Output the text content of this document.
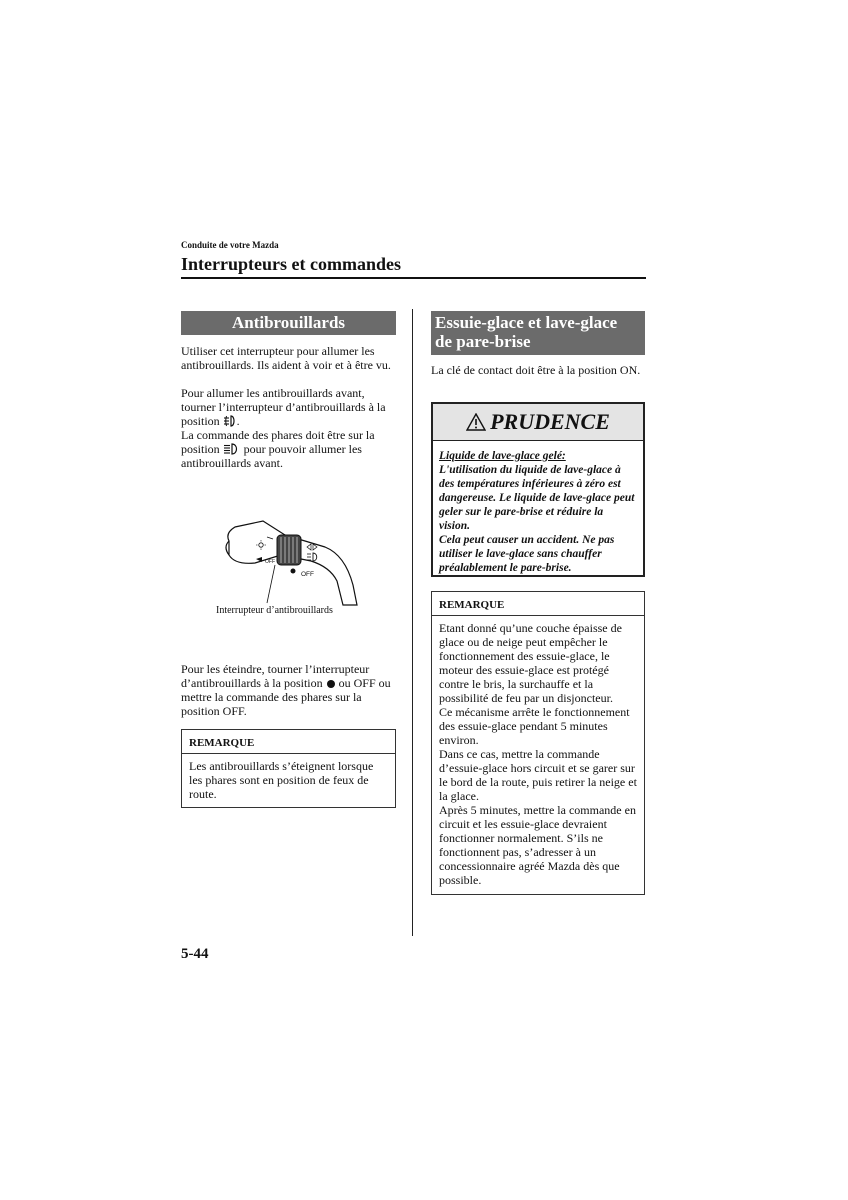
Conduite de votre Mazda
Interrupteurs et commandes
Antibrouillards

Utiliser cet interrupteur pour allumer les antibrouillards. Ils aident à voir et à être vu.

Pour allumer les antibrouillards avant, tourner l’interrupteur d’antibrouillards à la position .

La commande des phares doit être sur la position pour pouvoir allumer les antibrouillards avant.

OFF
OFF
Interrupteur d’antibrouillards

Pour les éteindre, tourner l’interrupteur d’antibrouillards à la position ou OFF ou mettre la commande des phares sur la position OFF.

REMARQUE
Les antibrouillards s’éteignent lorsque les phares sont en position de feux de route.
Essuie-glace et lave-glace
de pare-brise
La clé de contact doit être à la position ON.
PRUDENCE
Liquide de lave-glace gelé:
L'utilisation du liquide de lave-glace à des températures inférieures à zéro est dangereuse. Le liquide de lave-glace peut geler sur le pare-brise et réduire la vision.
Cela peut causer un accident. Ne pas utiliser le lave-glace sans chauffer préalablement le pare-brise.
REMARQUE
Etant donné qu’une couche épaisse de glace ou de neige peut empêcher le fonctionnement des essuie-glace, le moteur des essuie-glace est protégé contre le bris, la surchauffe et la possibilité de feu par un disjoncteur.
Ce mécanisme arrête le fonctionnement des essuie-glace pendant 5 minutes environ.
Dans ce cas, mettre la commande d’essuie-glace hors circuit et se garer sur le bord de la route, puis retirer la neige et la glace.
Après 5 minutes, mettre la commande en circuit et les essuie-glace devraient fonctionner normalement. S’ils ne fonctionnent pas, s’adresser à un concessionnaire agréé Mazda dès que possible.
5-44
